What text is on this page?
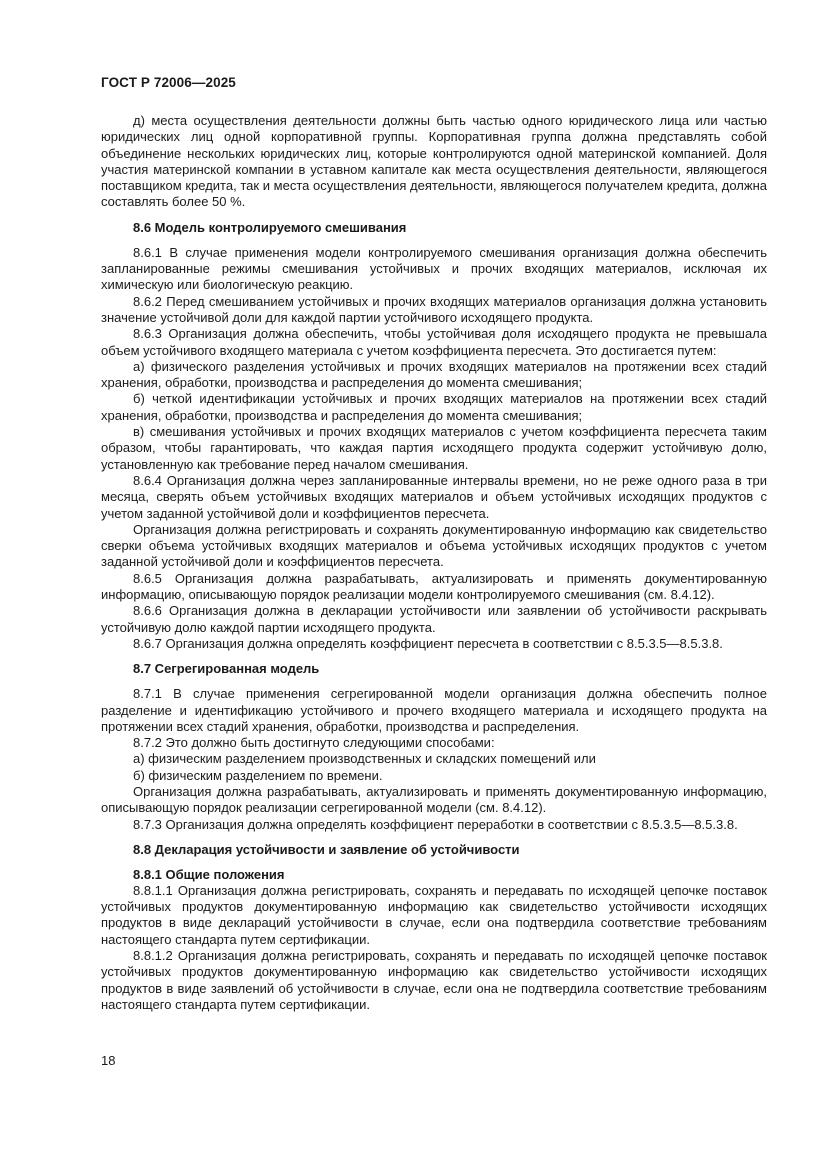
ГОСТ Р 72006—2025

д) места осуществления деятельности должны быть частью одного юридического лица или частью юридических лиц одной корпоративной группы. Корпоративная группа должна представлять собой объединение нескольких юридических лиц, которые контролируются одной материнской компанией. Доля участия материнской компании в уставном капитале как места осуществления деятельности, являющегося поставщиком кредита, так и места осуществления деятельности, являющегося получателем кредита, должна составлять более 50 %.

8.6 Модель контролируемого смешивания

8.6.1 В случае применения модели контролируемого смешивания организация должна обеспечить запланированные режимы смешивания устойчивых и прочих входящих материалов, исключая их химическую или биологическую реакцию.

8.6.2 Перед смешиванием устойчивых и прочих входящих материалов организация должна установить значение устойчивой доли для каждой партии устойчивого исходящего продукта.

8.6.3 Организация должна обеспечить, чтобы устойчивая доля исходящего продукта не превышала объем устойчивого входящего материала с учетом коэффициента пересчета. Это достигается путем:

а) физического разделения устойчивых и прочих входящих материалов на протяжении всех стадий хранения, обработки, производства и распределения до момента смешивания;

б) четкой идентификации устойчивых и прочих входящих материалов на протяжении всех стадий хранения, обработки, производства и распределения до момента смешивания;

в) смешивания устойчивых и прочих входящих материалов с учетом коэффициента пересчета таким образом, чтобы гарантировать, что каждая партия исходящего продукта содержит устойчивую долю, установленную как требование перед началом смешивания.

8.6.4 Организация должна через запланированные интервалы времени, но не реже одного раза в три месяца, сверять объем устойчивых входящих материалов и объем устойчивых исходящих продуктов с учетом заданной устойчивой доли и коэффициентов пересчета.

Организация должна регистрировать и сохранять документированную информацию как свидетельство сверки объема устойчивых входящих материалов и объема устойчивых исходящих продуктов с учетом заданной устойчивой доли и коэффициентов пересчета.

8.6.5 Организация должна разрабатывать, актуализировать и применять документированную информацию, описывающую порядок реализации модели контролируемого смешивания (см. 8.4.12).

8.6.6 Организация должна в декларации устойчивости или заявлении об устойчивости раскрывать устойчивую долю каждой партии исходящего продукта.

8.6.7 Организация должна определять коэффициент пересчета в соответствии с 8.5.3.5—8.5.3.8.

8.7 Сегрегированная модель

8.7.1 В случае применения сегрегированной модели организация должна обеспечить полное разделение и идентификацию устойчивого и прочего входящего материала и исходящего продукта на протяжении всех стадий хранения, обработки, производства и распределения.

8.7.2 Это должно быть достигнуто следующими способами:

а) физическим разделением производственных и складских помещений или

б) физическим разделением по времени.

Организация должна разрабатывать, актуализировать и применять документированную информацию, описывающую порядок реализации сегрегированной модели (см. 8.4.12).

8.7.3 Организация должна определять коэффициент переработки в соответствии с 8.5.3.5—8.5.3.8.

8.8 Декларация устойчивости и заявление об устойчивости
8.8.1 Общие положения

8.8.1.1 Организация должна регистрировать, сохранять и передавать по исходящей цепочке поставок устойчивых продуктов документированную информацию как свидетельство устойчивости исходящих продуктов в виде деклараций устойчивости в случае, если она подтвердила соответствие требованиям настоящего стандарта путем сертификации.

8.8.1.2 Организация должна регистрировать, сохранять и передавать по исходящей цепочке поставок устойчивых продуктов документированную информацию как свидетельство устойчивости исходящих продуктов в виде заявлений об устойчивости в случае, если она не подтвердила соответствие требованиям настоящего стандарта путем сертификации.

18
